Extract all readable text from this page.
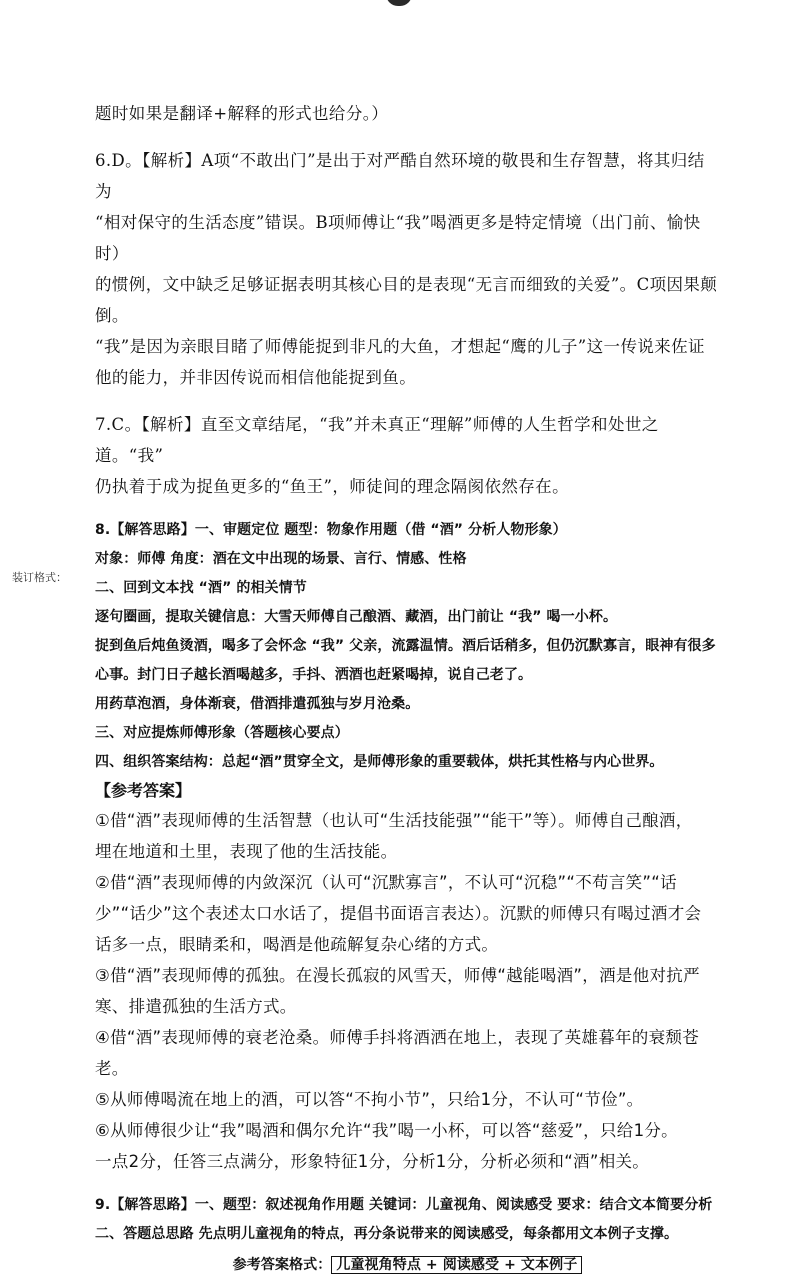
装订格式：

题时如果是翻译+解释的形式也给分。）

6.D。【解析】A项“不敢出门”是出于对严酷自然环境的敬畏和生存智慧，将其归结为

“相对保守的生活态度”错误。B项师傅让“我”喝酒更多是特定情境（出门前、愉快时）

的惯例，文中缺乏足够证据表明其核心目的是表现“无言而细致的关爱”。C项因果颠倒。

“我”是因为亲眼目睹了师傅能捉到非凡的大鱼，才想起“鹰的儿子”这一传说来佐证

他的能力，并非因传说而相信他能捉到鱼。

7.C。【解析】直至文章结尾，“我”并未真正“理解”师傅的人生哲学和处世之道。“我”

仍执着于成为捉鱼更多的“鱼王”，师徒间的理念隔阂依然存在。

8.【解答思路】一、审题定位 题型：物象作用题（借 “酒” 分析人物形象）

对象：师傅 角度：酒在文中出现的场景、言行、情感、性格

二、回到文本找 “酒” 的相关情节

逐句圈画，提取关键信息：大雪天师傅自己酿酒、藏酒，出门前让 “我” 喝一小杯。

捉到鱼后炖鱼烫酒，喝多了会怀念 “我” 父亲，流露温情。酒后话稍多，但仍沉默寡言，眼神有很多

心事。封门日子越长酒喝越多，手抖、洒酒也赶紧喝掉，说自己老了。

用药草泡酒，身体渐衰，借酒排遣孤独与岁月沧桑。

三、对应提炼师傅形象（答题核心要点）

四、组织答案结构：总起“酒”贯穿全文，是师傅形象的重要载体，烘托其性格与内心世界。

【参考答案】

①借“酒”表现师傅的生活智慧（也认可“生活技能强”“能干”等）。师傅自己酿酒，

埋在地道和土里，表现了他的生活技能。

②借“酒”表现师傅的内敛深沉（认可“沉默寡言”，不认可“沉稳”“不苟言笑”“话

少”“话少”这个表述太口水话了，提倡书面语言表达）。沉默的师傅只有喝过酒才会

话多一点，眼睛柔和，喝酒是他疏解复杂心绪的方式。

③借“酒”表现师傅的孤独。在漫长孤寂的风雪天，师傅“越能喝酒”，酒是他对抗严

寒、排遣孤独的生活方式。

④借“酒”表现师傅的衰老沧桑。师傅手抖将酒洒在地上，表现了英雄暮年的衰颓苍老。

⑤从师傅喝流在地上的酒，可以答“不拘小节”，只给1分，不认可“节俭”。

⑥从师傅很少让“我”喝酒和偶尔允许“我”喝一小杯，可以答“慈爱”，只给1分。

一点2分，任答三点满分，形象特征1分，分析1分，分析必须和“酒”相关。

9.【解答思路】一、题型：叙述视角作用题 关键词：儿童视角、阅读感受 要求：结合文本简要分析

二、答题总思路 先点明儿童视角的特点，再分条说带来的阅读感受，每条都用文本例子支撑。

参考答案格式： 儿童视角特点 + 阅读感受 + 文本例子
